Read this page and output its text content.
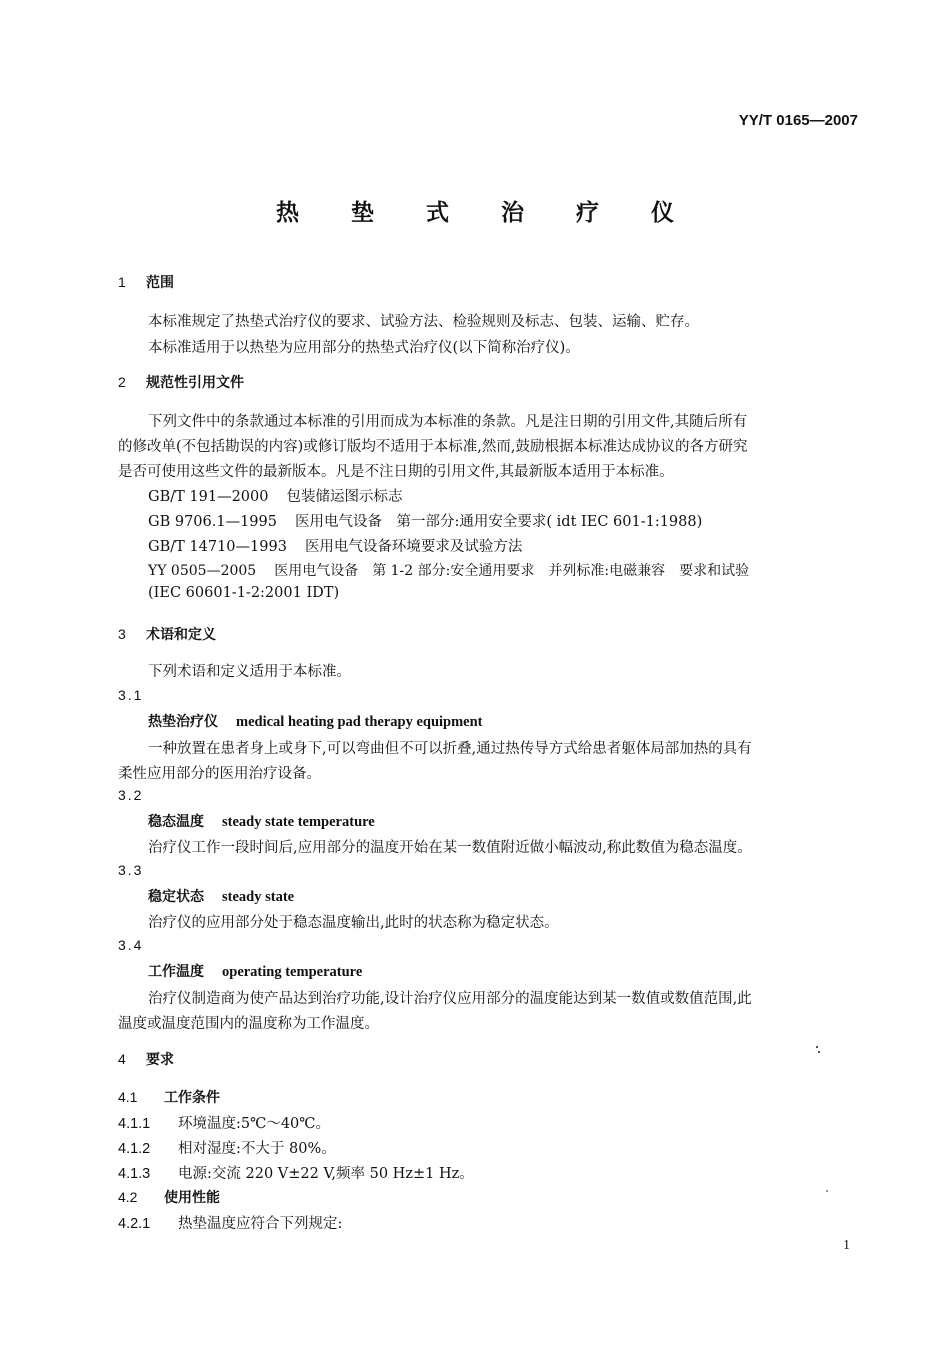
YY/T 0165—2007
热 垫 式 治 疗 仪
1 范围
本标准规定了热垫式治疗仪的要求、试验方法、检验规则及标志、包装、运输、贮存。
本标准适用于以热垫为应用部分的热垫式治疗仪(以下简称治疗仪)。
2 规范性引用文件
下列文件中的条款通过本标准的引用而成为本标准的条款。凡是注日期的引用文件,其随后所有
的修改单(不包括勘误的内容)或修订版均不适用于本标准,然而,鼓励根据本标准达成协议的各方研究
是否可使用这些文件的最新版本。凡是不注日期的引用文件,其最新版本适用于本标准。
GB/T 191—2000 包装储运图示标志
GB 9706.1—1995 医用电气设备　第一部分:通用安全要求( idt IEC 601-1:1988)
GB/T 14710—1993 医用电气设备环境要求及试验方法
YY 0505—2005 医用电气设备　第 1-2 部分:安全通用要求　并列标准:电磁兼容　要求和试验
(IEC 60601-1-2:2001 IDT)
3 术语和定义
下列术语和定义适用于本标准。
3.1
热垫治疗仪 medical heating pad therapy equipment
一种放置在患者身上或身下,可以弯曲但不可以折叠,通过热传导方式给患者躯体局部加热的具有
柔性应用部分的医用治疗设备。
3.2
稳态温度 steady state temperature
治疗仪工作一段时间后,应用部分的温度开始在某一数值附近做小幅波动,称此数值为稳态温度。
3.3
稳定状态 steady state
治疗仪的应用部分处于稳态温度输出,此时的状态称为稳定状态。
3.4
工作温度 operating temperature
治疗仪制造商为使产品达到治疗功能,设计治疗仪应用部分的温度能达到某一数值或数值范围,此
温度或温度范围内的温度称为工作温度。
4 要求
4.1 工作条件
4.1.1 环境温度:5℃～40℃。
4.1.2 相对湿度:不大于 80%。
4.1.3 电源:交流 220 V±22 V,频率 50 Hz±1 Hz。
4.2 使用性能
4.2.1 热垫温度应符合下列规定:
1
